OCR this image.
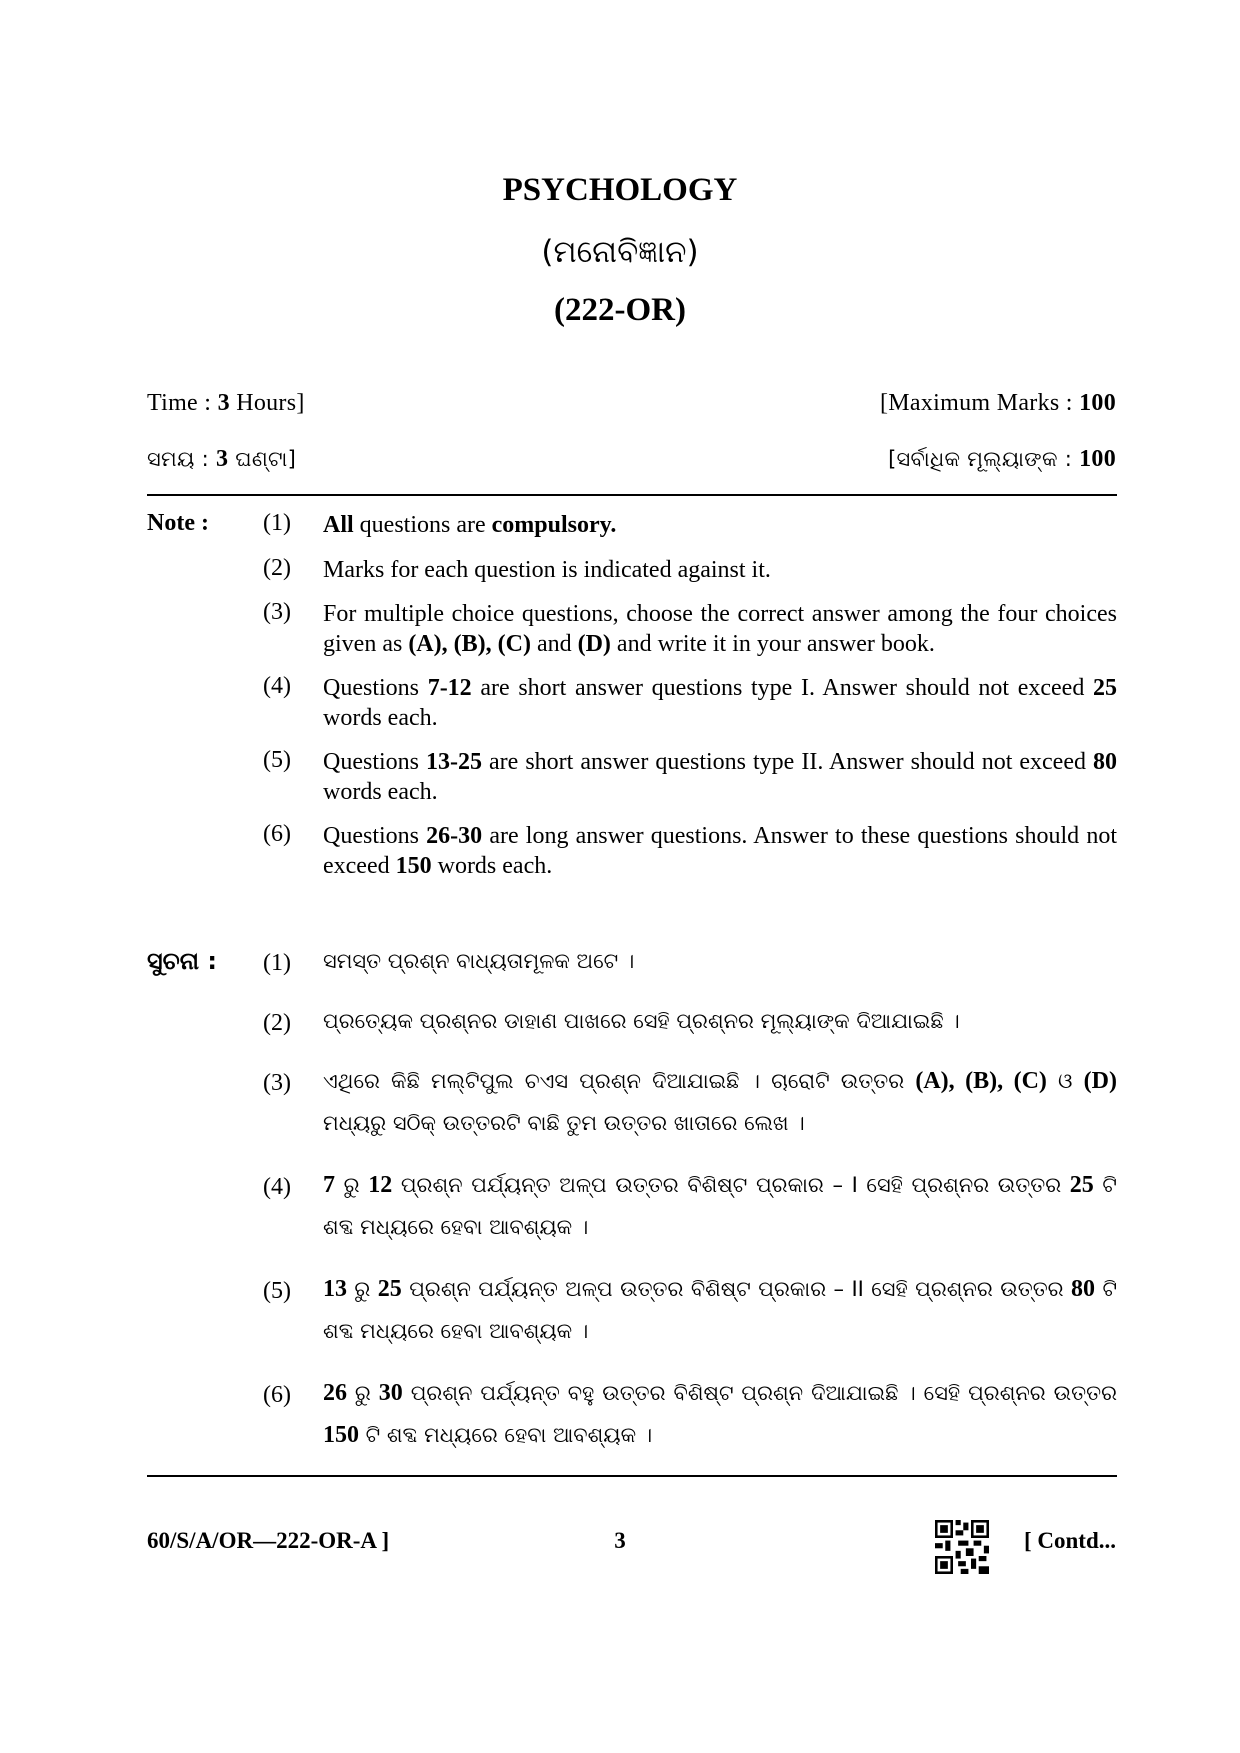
PSYCHOLOGY
(ମନୋବିଜ୍ଞାନ)
(222-OR)
Time : 3 Hours]	[Maximum Marks : 100
ସମୟ : 3 ଘଣ୍ଟା]	[ସର୍ବାଧିକ ମୂଲ୍ୟାଙ୍କ : 100
Note : (1) All questions are compulsory.
(2) Marks for each question is indicated against it.
(3) For multiple choice questions, choose the correct answer among the four choices given as (A), (B), (C) and (D) and write it in your answer book.
(4) Questions 7-12 are short answer questions type I. Answer should not exceed 25 words each.
(5) Questions 13-25 are short answer questions type II. Answer should not exceed 80 words each.
(6) Questions 26-30 are long answer questions. Answer to these questions should not exceed 150 words each.
ସୁଚନା : (1) ସମସ୍ତ ପ୍ରଶ୍ନ ବାଧ୍ୟତାମୂଳକ ଅଟେ ।
(2) ପ୍ରତ୍ୟେକ ପ୍ରଶ୍ନର ଡାହାଣ ପାଖରେ ସେହି ପ୍ରଶ୍ନର ମୂଲ୍ୟାଙ୍କ ଦିଆଯାଇଛି ।
(3) ଏଥିରେ କିଛି ମଲ୍‌ଟିପୁଲ ଚଏସ ପ୍ରଶ୍ନ ଦିଆଯାଇଛି । ଚାରୋଟି ଉତ୍ତର (A), (B), (C) ଓ (D) ମଧ୍ୟରୁ ସଠିକ୍ ଉତ୍ତରଟି ବାଛି ତୁମ ଉତ୍ତର ଖାତାରେ ଲେଖ ।
(4) 7 ରୁ 12 ପ୍ରଶ୍ନ ପର୍ଯ୍ୟନ୍ତ ଅଳ୍ପ ଉତ୍ତର ବିଶିଷ୍ଟ ପ୍ରକାର – I ସେହି ପ୍ରଶ୍ନର ଉତ୍ତର 25 ଟି ଶବ୍ଦ ମଧ୍ୟରେ ହେବା ଆବଶ୍ୟକ ।
(5) 13 ରୁ 25 ପ୍ରଶ୍ନ ପର୍ଯ୍ୟନ୍ତ ଅଳ୍ପ ଉତ୍ତର ବିଶିଷ୍ଟ ପ୍ରକାର – II ସେହି ପ୍ରଶ୍ନର ଉତ୍ତର 80 ଟି ଶବ୍ଦ ମଧ୍ୟରେ ହେବା ଆବଶ୍ୟକ ।
(6) 26 ରୁ 30 ପ୍ରଶ୍ନ ପର୍ଯ୍ୟନ୍ତ ବହୁ ଉତ୍ତର ବିଶିଷ୍ଟ ପ୍ରଶ୍ନ ଦିଆଯାଇଛି । ସେହି ପ୍ରଶ୍ନର ଉତ୍ତର 150 ଟି ଶବ୍ଦ ମଧ୍ୟରେ ହେବା ଆବଶ୍ୟକ ।
60/S/A/OR—222-OR-A ]	3	[ Contd...
